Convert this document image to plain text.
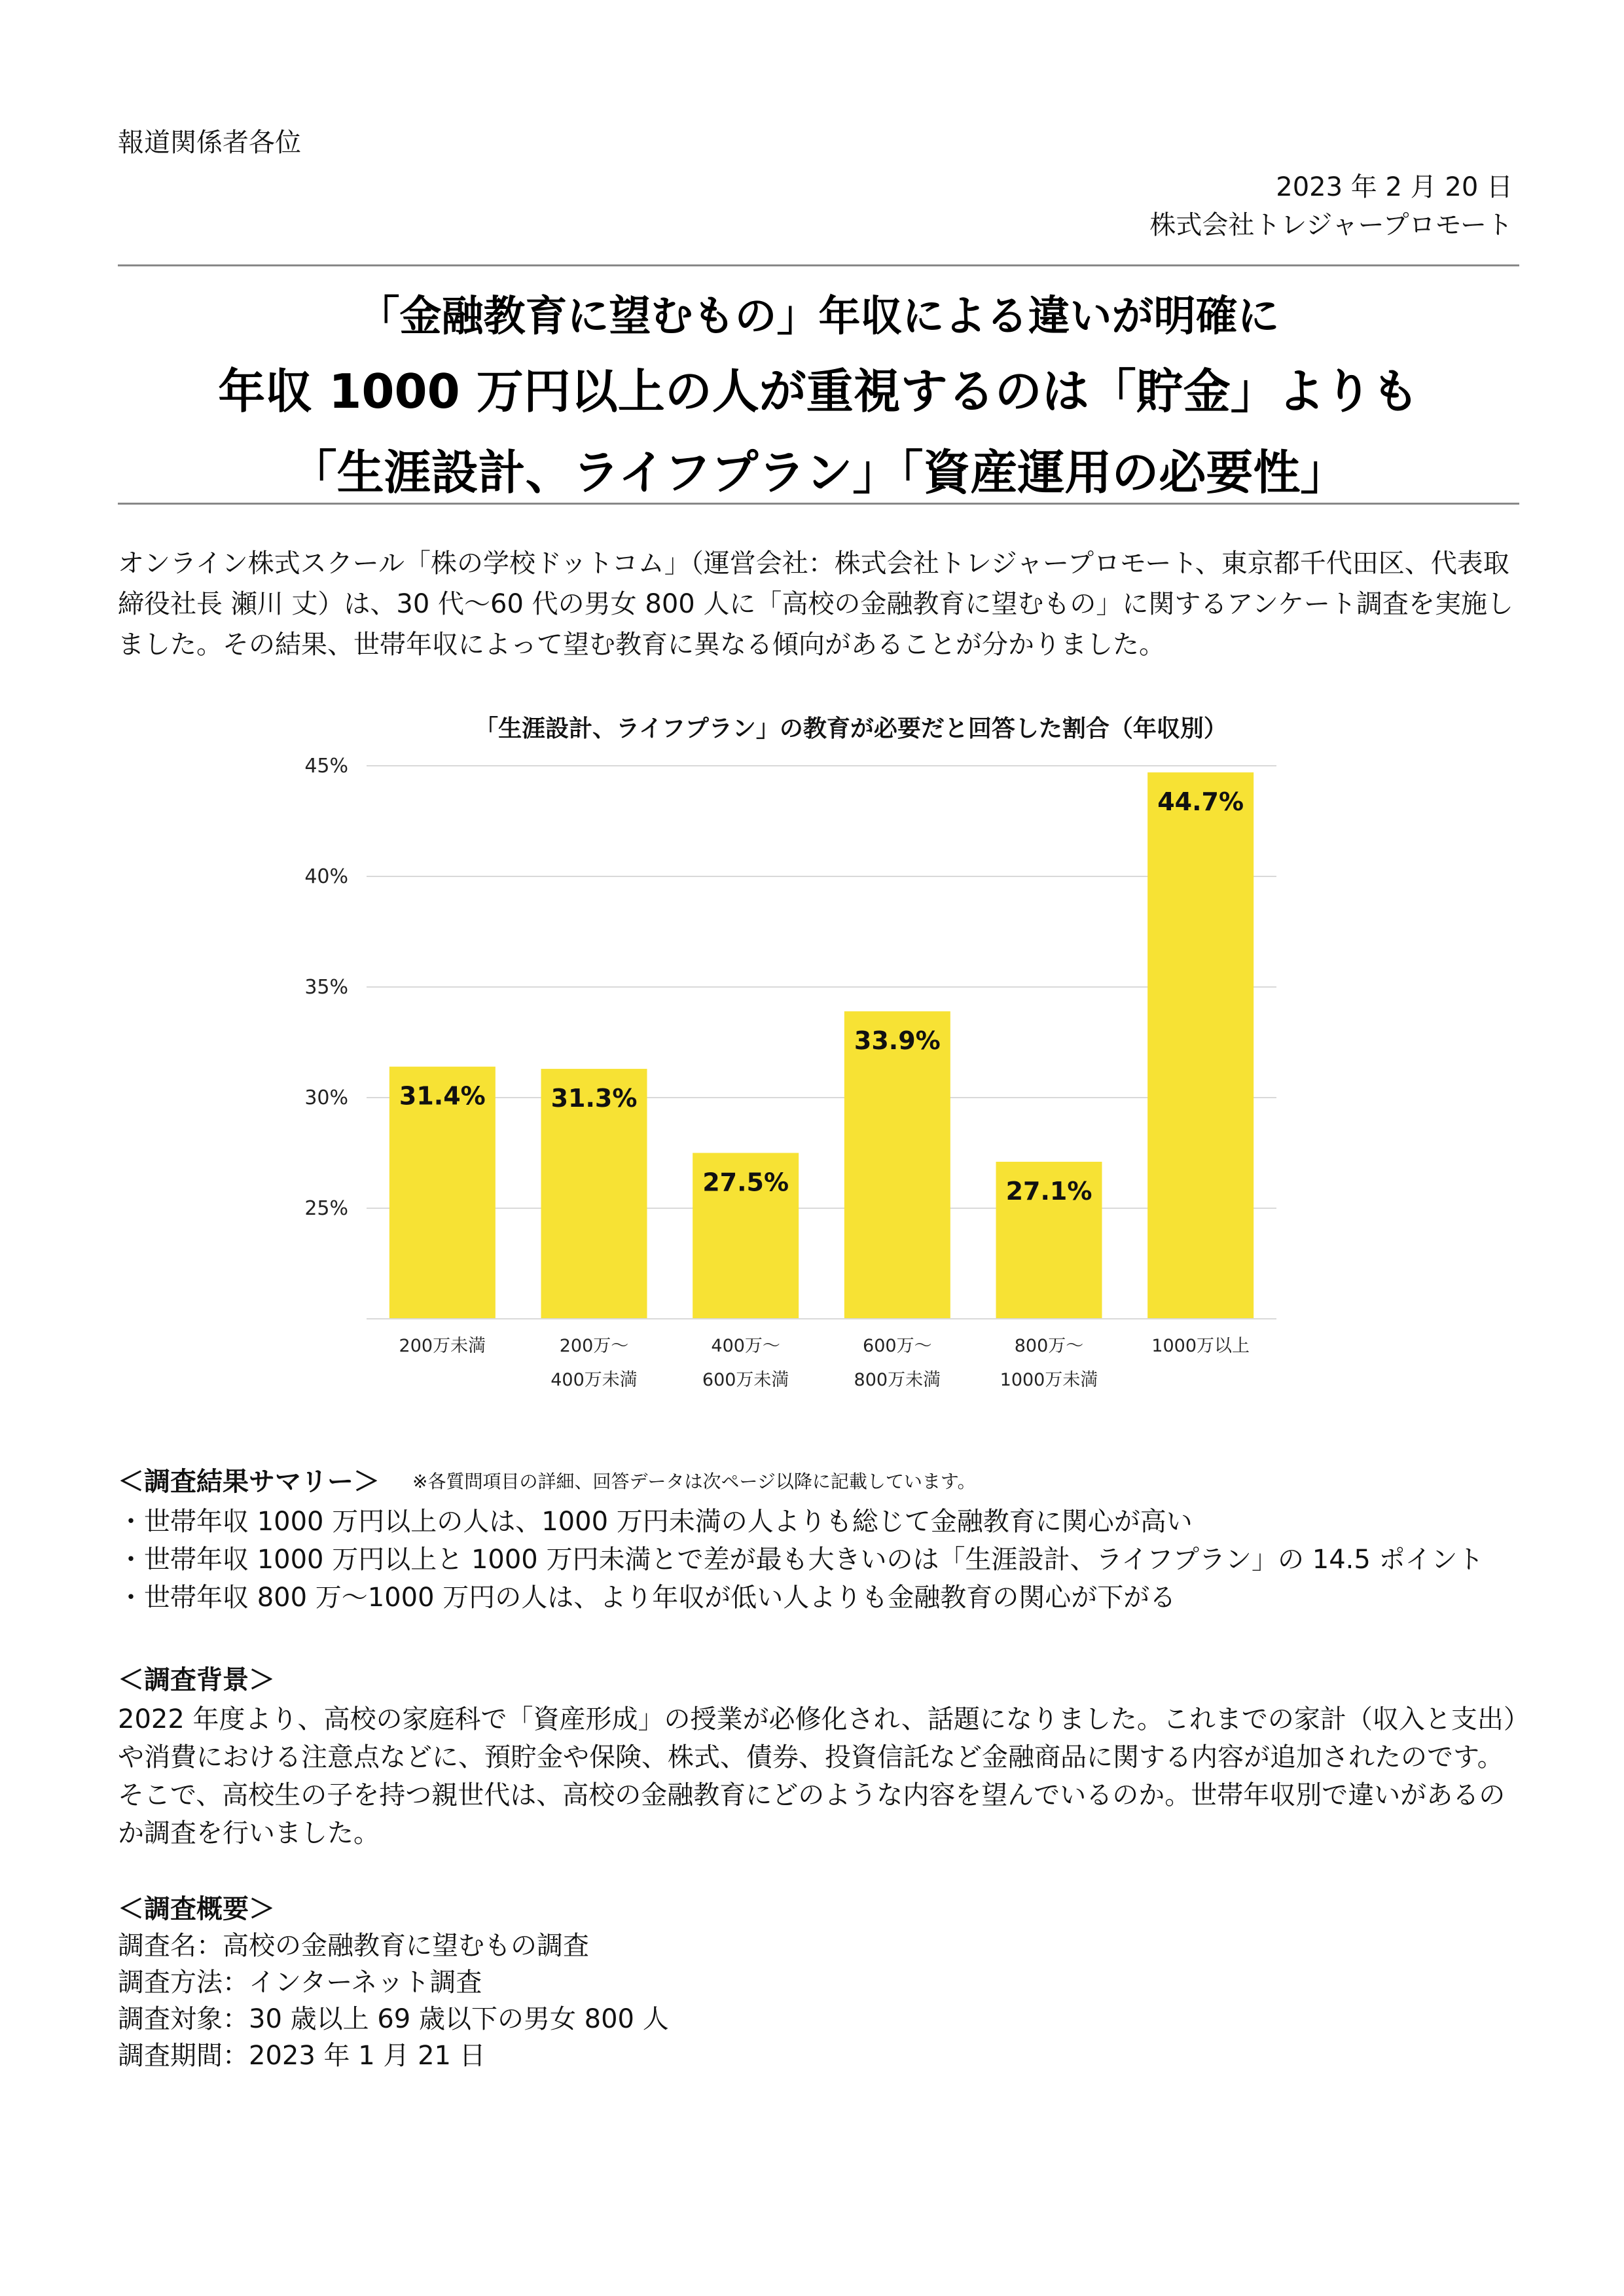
報道関係者各位
2023 年 2 月 20 日
株式会社トレジャープロモート
「金融教育に望むもの」年収による違いが明確に
年収 1000 万円以上の人が重視するのは「貯金」よりも
「生涯設計、ライフプラン」「資産運用の必要性」
オンライン株式スクール「株の学校ドットコム」（運営会社：株式会社トレジャープロモート、東京都千代田区、代表取締役社長 瀬川 丈）は、30 代～60 代の男女 800 人に「高校の金融教育に望むもの」に関するアンケート調査を実施しました。その結果、世帯年収によって望む教育に異なる傾向があることが分かりました。
「生涯設計、ライフプラン」の教育が必要だと回答した割合（年収別）
25%
30%
35%
40%
45%
31.4%
200万未満
31.3%
200万～
400万未満
27.5%
400万～
600万未満
33.9%
600万～
800万未満
27.1%
800万～
1000万未満
44.7%
1000万以上
＜調査結果サマリー＞ ※各質問項目の詳細、回答データは次ページ以降に記載しています。
・世帯年収 1000 万円以上の人は、1000 万円未満の人よりも総じて金融教育に関心が高い
・世帯年収 1000 万円以上と 1000 万円未満とで差が最も大きいのは「生涯設計、ライフプラン」の 14.5 ポイント
・世帯年収 800 万～1000 万円の人は、より年収が低い人よりも金融教育の関心が下がる
＜調査背景＞
2022 年度より、高校の家庭科で「資産形成」の授業が必修化され、話題になりました。これまでの家計（収入と支出）や消費における注意点などに、預貯金や保険、株式、債券、投資信託など金融商品に関する内容が追加されたのです。そこで、高校生の子を持つ親世代は、高校の金融教育にどのような内容を望んでいるのか。世帯年収別で違いがあるのか調査を行いました。
＜調査概要＞
調査名：高校の金融教育に望むもの調査
調査方法：インターネット調査
調査対象：30 歳以上 69 歳以下の男女 800 人
調査期間：2023 年 1 月 21 日
